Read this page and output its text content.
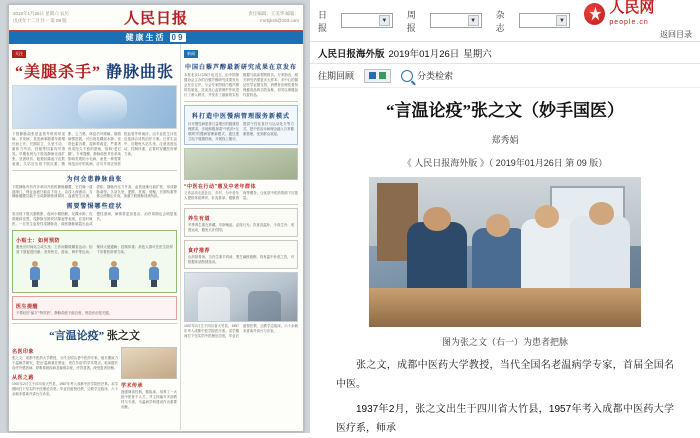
2019年1月26日 星期六 农历戊戌年十二月廿一 第 09 版	人民日报	责任编辑：王美华 邮箱：rmrbjksh@163.com
健康生活 09
关注
“美腿杀手” 静脉曲张
下肢静脉曲张是血管外科的常见病、多发病，其发病率随着年龄增长而上升。长期站立、久坐不动、重体力劳动、妊娠等因素均可诱发。早期表现为下肢浅静脉迂曲扩张，呈团块状、蚯蚓状隆起于皮肤表面，久站后出现下肢沉重、酸胀、乏力感，休息后可缓解。随着病情进展，可出现足踝部水肿、皮肤色素沉着、湿疹样改变，严重者形成经久不愈的溃疡，俗称“老烂腿”。专家提醒，静脉曲张并非单纯影响美观的小毛病，而是一种需要规范治疗的疾病，应尽早到正规医院血管外科就诊，由专业医生评估后选择合适的治疗方案。日常生活中，应避免久站久坐，注意适度运动，控制体重，必要时穿戴医用弹力袜。
为何会患静脉曲张
下肢静脉内有许多单向开放的静脉瓣膜，它们像一道道闸门，保证血液只能由下向上、由浅入深流动。当静脉瓣膜功能不全或静脉壁薄弱时，血液发生反流、淤积，静脉内压力升高，血管逐渐迂曲扩张，形成静脉曲张。久站久坐、肥胖、妊娠、便秘、长期负重等都会使腹压升高，加重下肢静脉回流负担。
需要警惕哪些症状
若出现下肢沉重酸胀、夜间小腿抽筋、足踝水肿、皮肤瘙痒变黑、浅静脉呈团块状隆起等表现，应及时就医。一旦发生血栓性浅静脉炎、曲张静脉破裂出血或慢性溃疡，病情将更加复杂，治疗周期也会明显延长。
小贴士：如何预防
避免长时间站立或久坐；工作间隙做踝泵运动；抬高下肢促进回流；坚持快走、游泳、骑车等运动；保持大便通畅；控制体重；高危人群可在医生指导下穿着医用弹力袜。
医生提醒
不要轻信“偏方”“特效药”，静脉曲张不能自愈，规范诊治是关键。
“言温论疫” 张之文
名医印象
张之文，成都中医药大学教授，当代全国名老中医药专家。他长期致力于温病学研究，提出“温病重在辨证、贵在早治”的学术观点，临床擅长治疗外感热病、呼吸系统疾病及疑难杂症，疗效显著，深受患者信赖。
从医之路
1937年2月生于四川省大竹县，1957年考入成都中医学院医疗系。求学期间打下坚实的中医理论功底，毕业后留校任教，边教学边临床，六十余载未曾离开讲台与诊室。
学术传承
他强调读经典、做临床，培养了一大批中医骨干人才，并主持编写多部教材与专著，为温病学科建设作出重要贡献。
新闻
中国白藜芦醇最新研究成果在京发布
本报北京1月25日电 近日，由中国保健协会主办的白藜芦醇研究成果发布会在京召开。与会专家围绕白藜芦醇的抗氧化、抗炎及心血管保护作用进行了深入研讨，并发布了最新的实验数据与临床观察报告。专家指出，相关研究仍需更多大样本、多中心的循证医学证据支持，消费者应理性看待保健食品的功效宣称，切勿以保健品代替药品。
科打造中医慢病管理服务新模式
针对慢性病患者日益增长的健康管理需求，多地积极探索“中医药+互联网”的慢病管理新模式，通过建立电子健康档案、开展线上随访、提供个性化食疗与运动处方等方式，把中医治未病理念融入日常健康管理，受到群众欢迎。
“中医在行动”惠及中老年群体
义诊活动走进社区、乡村，为中老年人提供体质辨识、针灸推拿、健康咨询等服务，让优质中医药资源下沉基层。
养生有道
冬季养生重在养藏，早卧晚起，必待日光；饮食宜温补，少食生冷；适度运动，避免大汗伤阳。
食疗推荐
山药排骨汤、当归生姜羊肉汤、黑芝麻核桃粥，均有温中补虚之效，可根据体质酌情选用。
1937年2月生于四川省大竹县，1957年考入成都中医学院医疗系。求学期间打下坚实的中医理论功底，毕业后留校任教，边教学边临床，六十余载未曾离开讲台与诊室。
日 报
▼
周 报
▼
杂 志
▼
人民网 people.cn
返回目录
人民日报海外版 2019年01月26日 星期六
往期回顾	分类检索
“言温论疫”张之文（妙手国医）
郑秀娟
《 人民日报海外版 》（ 2019年01月26日 第 09 版）
图为张之文（右一）为患者把脉

张之文，成都中医药大学教授，当代全国名老温病学专家，首届全国名中医。

1937年2月，张之文出生于四川省大竹县，1957年考入成都中医药大学医疗系，师承
